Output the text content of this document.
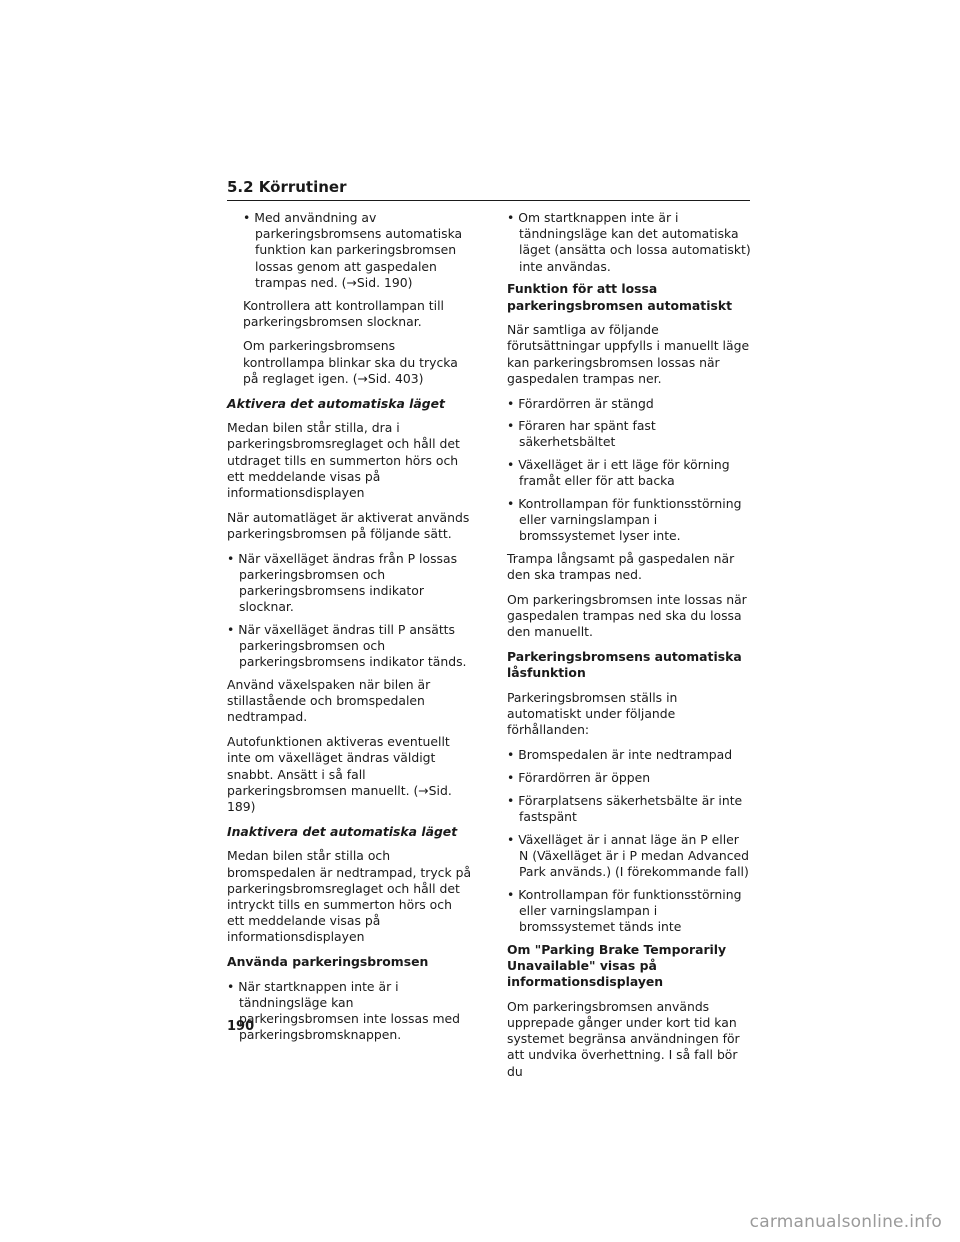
5.2 Körrutiner
• Med användning av parkeringsbromsens automatiska funktion kan parkeringsbromsen lossas genom att gaspedalen trampas ned. (→Sid. 190)
Kontrollera att kontrollampan till parkeringsbromsen slocknar.
Om parkeringsbromsens kontrollampa blinkar ska du trycka på reglaget igen. (→Sid. 403)
Aktivera det automatiska läget
Medan bilen står stilla, dra i parkeringsbromsreglaget och håll det utdraget tills en summerton hörs och ett meddelande visas på informationsdisplayen
När automatläget är aktiverat används parkeringsbromsen på följande sätt.
• När växelläget ändras från P lossas parkeringsbromsen och parkeringsbromsens indikator slocknar.
• När växelläget ändras till P ansätts parkeringsbromsen och parkeringsbromsens indikator tänds.
Använd växelspaken när bilen är stillastående och bromspedalen nedtrampad.
Autofunktionen aktiveras eventuellt inte om växelläget ändras väldigt snabbt. Ansätt i så fall parkeringsbromsen manuellt. (→Sid. 189)
Inaktivera det automatiska läget
Medan bilen står stilla och bromspedalen är nedtrampad, tryck på parkeringsbromsreglaget och håll det intryckt tills en summerton hörs och ett meddelande visas på informationsdisplayen
Använda parkeringsbromsen
• När startknappen inte är i tändningsläge kan parkeringsbromsen inte lossas med parkeringsbromsknappen.
• Om startknappen inte är i tändningsläge kan det automatiska läget (ansätta och lossa automatiskt) inte användas.
Funktion för att lossa parkeringsbromsen automatiskt
När samtliga av följande förutsättningar uppfylls i manuellt läge kan parkeringsbromsen lossas när gaspedalen trampas ner.
• Förardörren är stängd
• Föraren har spänt fast säkerhetsbältet
• Växelläget är i ett läge för körning framåt eller för att backa
• Kontrollampan för funktionsstörning eller varningslampan i bromssystemet lyser inte.
Trampa långsamt på gaspedalen när den ska trampas ned.
Om parkeringsbromsen inte lossas när gaspedalen trampas ned ska du lossa den manuellt.
Parkeringsbromsens automatiska låsfunktion
Parkeringsbromsen ställs in automatiskt under följande förhållanden:
• Bromspedalen är inte nedtrampad
• Förardörren är öppen
• Förarplatsens säkerhetsbälte är inte fastspänt
• Växelläget är i annat läge än P eller N (Växelläget är i P medan Advanced Park används.) (I förekommande fall)
• Kontrollampan för funktionsstörning eller varningslampan i bromssystemet tänds inte
Om "Parking Brake Temporarily Unavailable" visas på informationsdisplayen
Om parkeringsbromsen används upprepade gånger under kort tid kan systemet begränsa användningen för att undvika överhettning. I så fall bör du
190
carmanualsonline.info
